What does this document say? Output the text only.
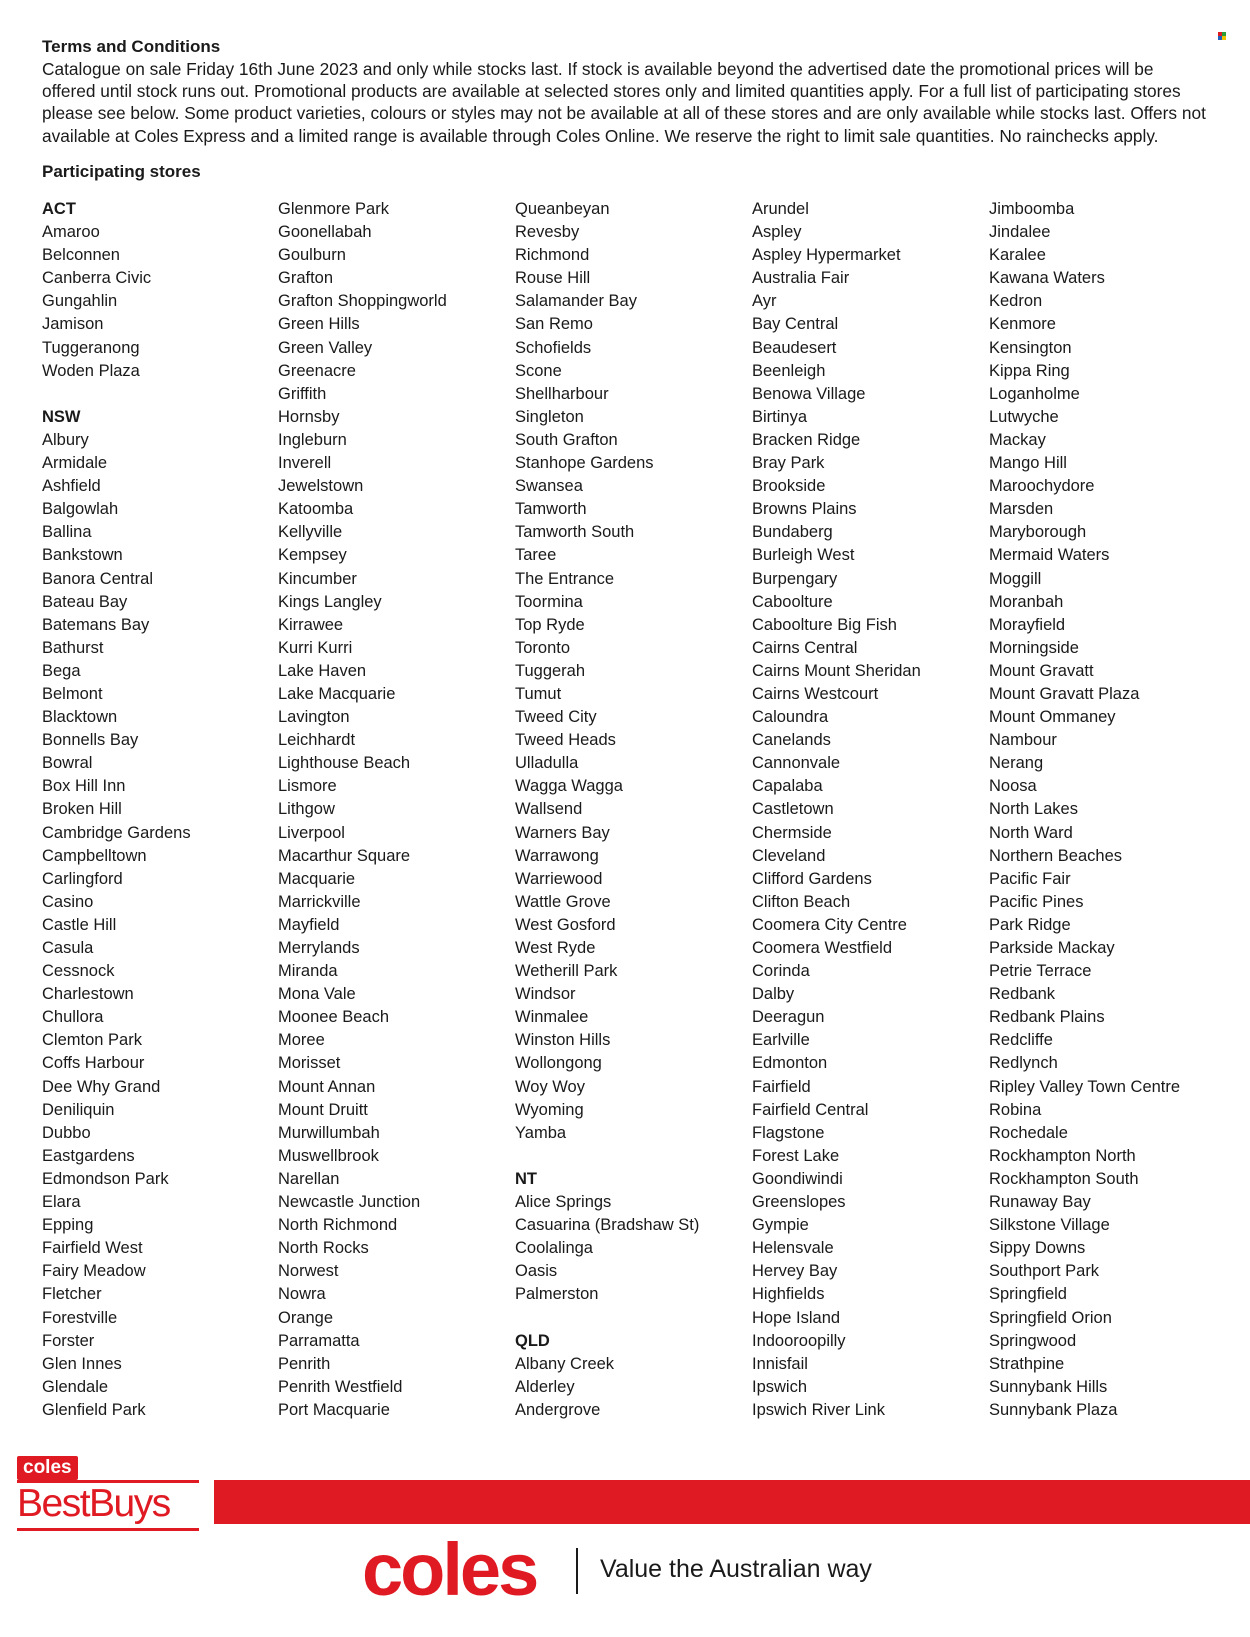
Terms and Conditions

Catalogue on sale Friday 16th June 2023 and only while stocks last. If stock is available beyond the advertised date the promotional prices will be
offered until stock runs out. Promotional products are available at selected stores only and limited quantities apply. For a full list of participating stores
please see below. Some product varieties, colours or styles may not be available at all of these stores and are only available while stocks last. Offers not
available at Coles Express and a limited range is available through Coles Online. We reserve the right to limit sale quantities. No rainchecks apply.

Participating stores
ACT
Amaroo
Belconnen
Canberra Civic
Gungahlin
Jamison
Tuggeranong
Woden Plaza
NSW
Albury
Armidale
Ashfield
Balgowlah
Ballina
Bankstown
Banora Central
Bateau Bay
Batemans Bay
Bathurst
Bega
Belmont
Blacktown
Bonnells Bay
Bowral
Box Hill Inn
Broken Hill
Cambridge Gardens
Campbelltown
Carlingford
Casino
Castle Hill
Casula
Cessnock
Charlestown
Chullora
Clemton Park
Coffs Harbour
Dee Why Grand
Deniliquin
Dubbo
Eastgardens
Edmondson Park
Elara
Epping
Fairfield West
Fairy Meadow
Fletcher
Forestville
Forster
Glen Innes
Glendale
Glenfield Park
Glenmore Park
Goonellabah
Goulburn
Grafton
Grafton Shoppingworld
Green Hills
Green Valley
Greenacre
Griffith
Hornsby
Ingleburn
Inverell
Jewelstown
Katoomba
Kellyville
Kempsey
Kincumber
Kings Langley
Kirrawee
Kurri Kurri
Lake Haven
Lake Macquarie
Lavington
Leichhardt
Lighthouse Beach
Lismore
Lithgow
Liverpool
Macarthur Square
Macquarie
Marrickville
Mayfield
Merrylands
Miranda
Mona Vale
Moonee Beach
Moree
Morisset
Mount Annan
Mount Druitt
Murwillumbah
Muswellbrook
Narellan
Newcastle Junction
North Richmond
North Rocks
Norwest
Nowra
Orange
Parramatta
Penrith
Penrith Westfield
Port Macquarie
Queanbeyan
Revesby
Richmond
Rouse Hill
Salamander Bay
San Remo
Schofields
Scone
Shellharbour
Singleton
South Grafton
Stanhope Gardens
Swansea
Tamworth
Tamworth South
Taree
The Entrance
Toormina
Top Ryde
Toronto
Tuggerah
Tumut
Tweed City
Tweed Heads
Ulladulla
Wagga Wagga
Wallsend
Warners Bay
Warrawong
Warriewood
Wattle Grove
West Gosford
West Ryde
Wetherill Park
Windsor
Winmalee
Winston Hills
Wollongong
Woy Woy
Wyoming
Yamba
NT
Alice Springs
Casuarina (Bradshaw St)
Coolalinga
Oasis
Palmerston
QLD
Albany Creek
Alderley
Andergrove
Arundel
Aspley
Aspley Hypermarket
Australia Fair
Ayr
Bay Central
Beaudesert
Beenleigh
Benowa Village
Birtinya
Bracken Ridge
Bray Park
Brookside
Browns Plains
Bundaberg
Burleigh West
Burpengary
Caboolture
Caboolture Big Fish
Cairns Central
Cairns Mount Sheridan
Cairns Westcourt
Caloundra
Canelands
Cannonvale
Capalaba
Castletown
Chermside
Cleveland
Clifford Gardens
Clifton Beach
Coomera City Centre
Coomera Westfield
Corinda
Dalby
Deeragun
Earlville
Edmonton
Fairfield
Fairfield Central
Flagstone
Forest Lake
Goondiwindi
Greenslopes
Gympie
Helensvale
Hervey Bay
Highfields
Hope Island
Indooroopilly
Innisfail
Ipswich
Ipswich River Link
Jimboomba
Jindalee
Karalee
Kawana Waters
Kedron
Kenmore
Kensington
Kippa Ring
Loganholme
Lutwyche
Mackay
Mango Hill
Maroochydore
Marsden
Maryborough
Mermaid Waters
Moggill
Moranbah
Morayfield
Morningside
Mount Gravatt
Mount Gravatt Plaza
Mount Ommaney
Nambour
Nerang
Noosa
North Lakes
North Ward
Northern Beaches
Pacific Fair
Pacific Pines
Park Ridge
Parkside Mackay
Petrie Terrace
Redbank
Redbank Plains
Redcliffe
Redlynch
Ripley Valley Town Centre
Robina
Rochedale
Rockhampton North
Rockhampton South
Runaway Bay
Silkstone Village
Sippy Downs
Southport Park
Springfield
Springfield Orion
Springwood
Strathpine
Sunnybank Hills
Sunnybank Plaza
coles
BestBuys
coles	Value the Australian way
